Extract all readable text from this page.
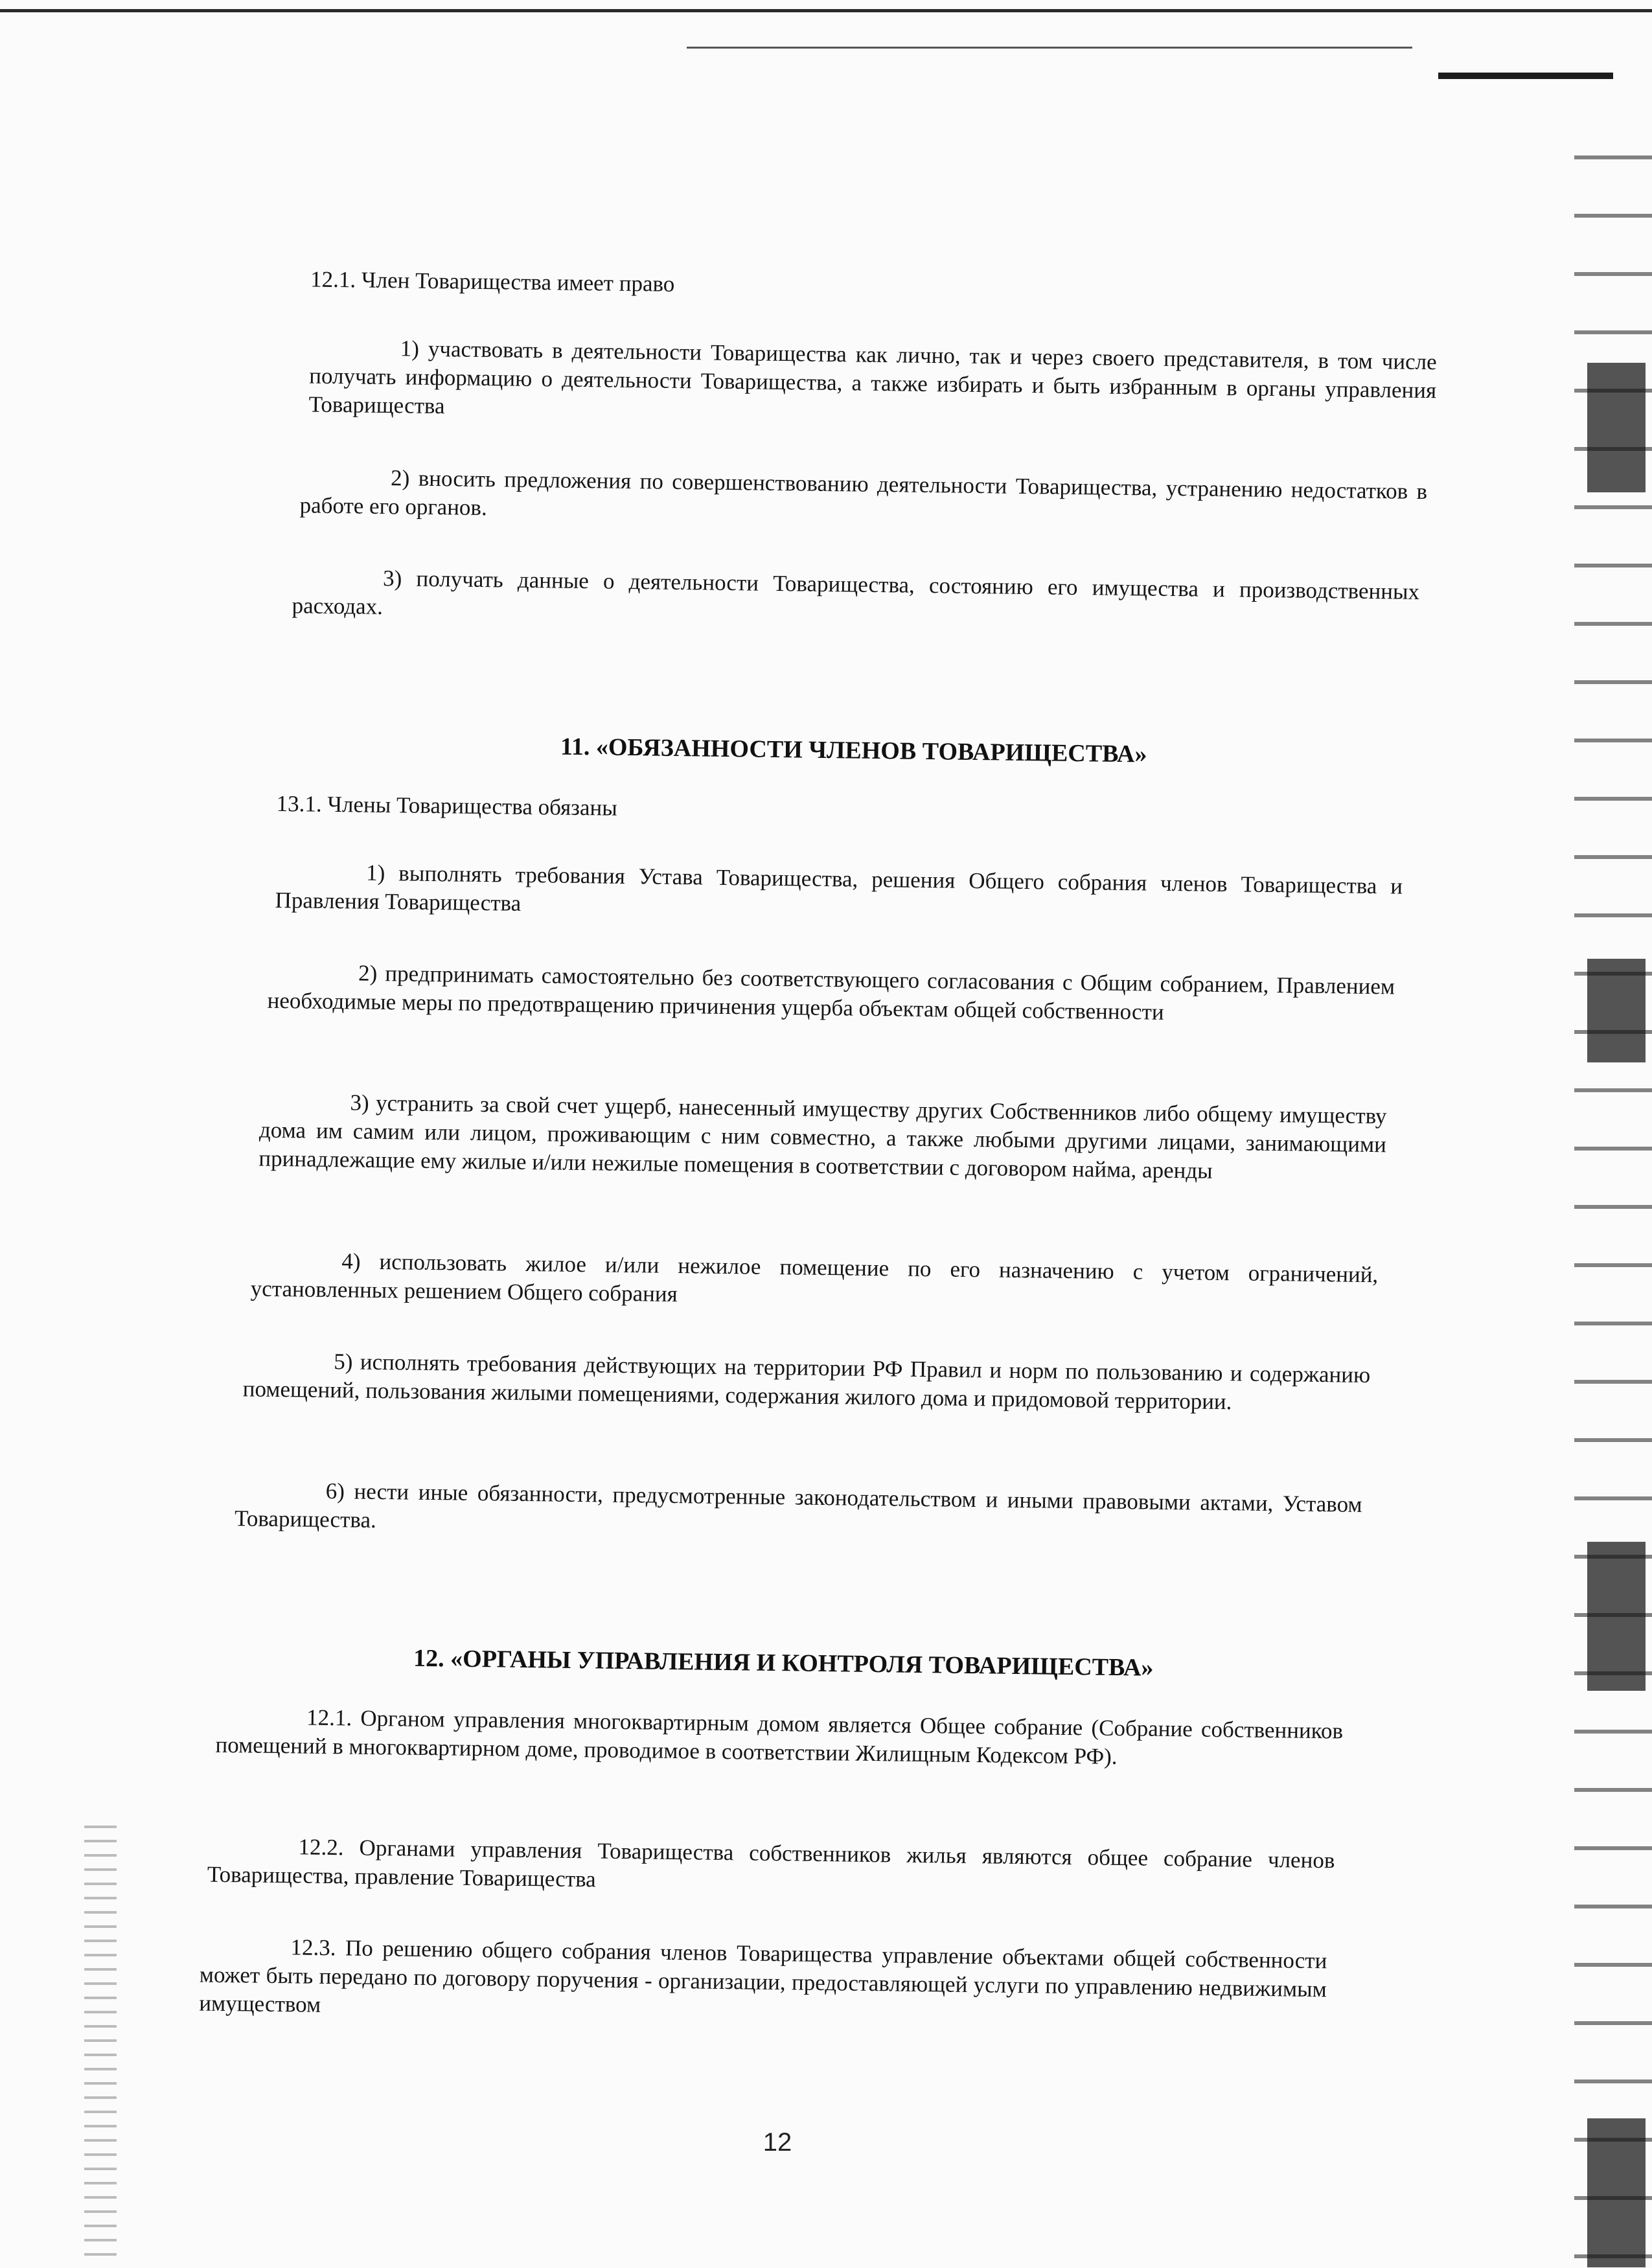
12.1. Член Товарищества имеет право

1) участвовать в деятельности Товарищества как лично, так и через своего представителя, в том числе получать информацию о деятельности Товарищества, а также избирать и быть избранным в органы управления Товарищества

2) вносить предложения по совершенствованию деятельности Товарищества, устранению недостатков в работе его органов.

3) получать данные о деятельности Товарищества, состоянию его имущества и производственных расходах.

11. «ОБЯЗАННОСТИ ЧЛЕНОВ ТОВАРИЩЕСТВА»

13.1. Члены Товарищества обязаны

1) выполнять требования Устава Товарищества, решения Общего собрания членов Товарищества и Правления Товарищества

2) предпринимать самостоятельно без соответствующего согласования с Общим собранием, Правлением необходимые меры по предотвращению причинения ущерба объектам общей собственности

3) устранить за свой счет ущерб, нанесенный имуществу других Собственников либо общему имуществу дома им самим или лицом, проживающим с ним совместно, а также любыми другими лицами, занимающими принадлежащие ему жилые и/или нежилые помещения в соответствии с договором найма, аренды

4) использовать жилое и/или нежилое помещение по его назначению с учетом ограничений, установленных решением Общего собрания

5) исполнять требования действующих на территории РФ Правил и норм по пользованию и содержанию помещений, пользования жилыми помещениями, содержания жилого дома и придомовой территории.

6) нести иные обязанности, предусмотренные законодательством и иными правовыми актами, Уставом Товарищества.

12. «ОРГАНЫ УПРАВЛЕНИЯ И КОНТРОЛЯ ТОВАРИЩЕСТВА»

12.1. Органом управления многоквартирным домом является Общее собрание (Собрание собственников помещений в многоквартирном доме, проводимое в соответствии Жилищным Кодексом РФ).

12.2. Органами управления Товарищества собственников жилья являются общее собрание членов Товарищества, правление Товарищества

12.3. По решению общего собрания членов Товарищества управление объектами общей собственности может быть передано по договору поручения - организации, предоставляющей услуги по управлению недвижимым имуществом

12
